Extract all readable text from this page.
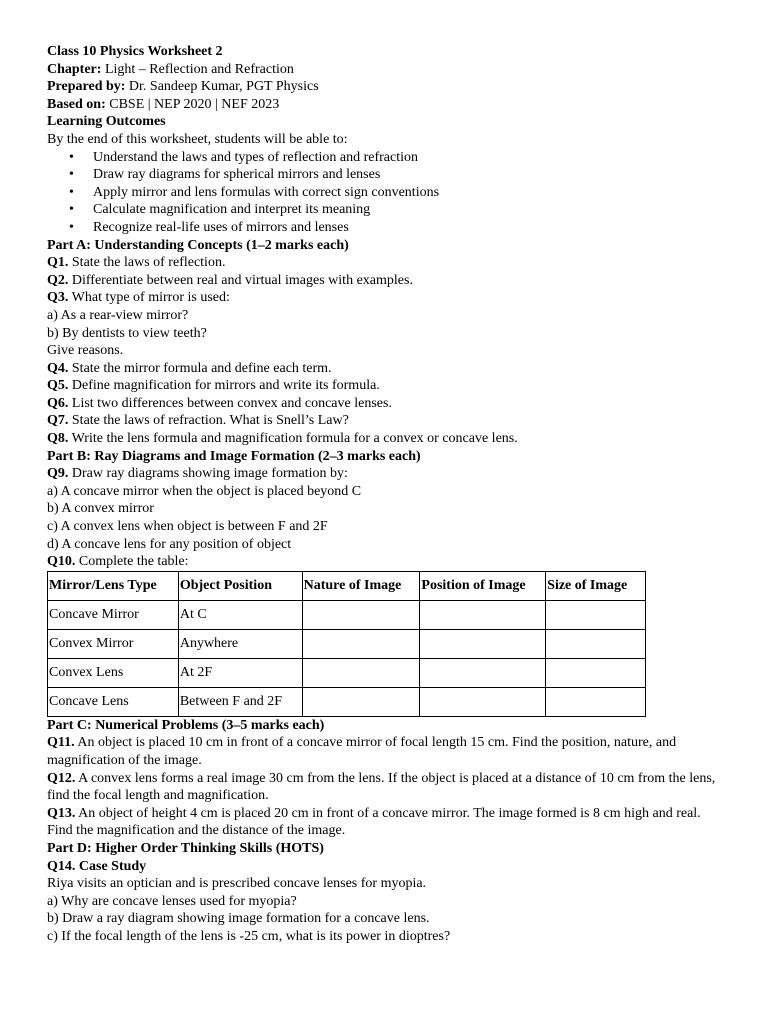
Class 10 Physics Worksheet 2

Chapter: Light – Reflection and Refraction

Prepared by: Dr. Sandeep Kumar, PGT Physics

Based on: CBSE | NEP 2020 | NEF 2023

Learning Outcomes

By the end of this worksheet, students will be able to:

• Understand the laws and types of reflection and refraction
• Draw ray diagrams for spherical mirrors and lenses
• Apply mirror and lens formulas with correct sign conventions
• Calculate magnification and interpret its meaning
• Recognize real-life uses of mirrors and lenses

Part A: Understanding Concepts (1–2 marks each)

Q1. State the laws of reflection.

Q2. Differentiate between real and virtual images with examples.

Q3. What type of mirror is used:

a) As a rear-view mirror?

b) By dentists to view teeth?

Give reasons.

Q4. State the mirror formula and define each term.

Q5. Define magnification for mirrors and write its formula.

Q6. List two differences between convex and concave lenses.

Q7. State the laws of refraction. What is Snell’s Law?

Q8. Write the lens formula and magnification formula for a convex or concave lens.

Part B: Ray Diagrams and Image Formation (2–3 marks each)

Q9. Draw ray diagrams showing image formation by:

a) A concave mirror when the object is placed beyond C

b) A convex mirror

c) A convex lens when object is between F and 2F

d) A concave lens for any position of object

Q10. Complete the table:

Mirror/Lens Type	Object Position	Nature of Image	Position of Image	Size of Image
Concave Mirror	At C			
Convex Mirror	Anywhere			
Convex Lens	At 2F			
Concave Lens	Between F and 2F			

Part C: Numerical Problems (3–5 marks each)

Q11. An object is placed 10 cm in front of a concave mirror of focal length 15 cm. Find the position, nature, and magnification of the image.

Q12. A convex lens forms a real image 30 cm from the lens. If the object is placed at a distance of 10 cm from the lens, find the focal length and magnification.

Q13. An object of height 4 cm is placed 20 cm in front of a concave mirror. The image formed is 8 cm high and real. Find the magnification and the distance of the image.

Part D: Higher Order Thinking Skills (HOTS)

Q14. Case Study

Riya visits an optician and is prescribed concave lenses for myopia.

a) Why are concave lenses used for myopia?

b) Draw a ray diagram showing image formation for a concave lens.

c) If the focal length of the lens is -25 cm, what is its power in dioptres?
